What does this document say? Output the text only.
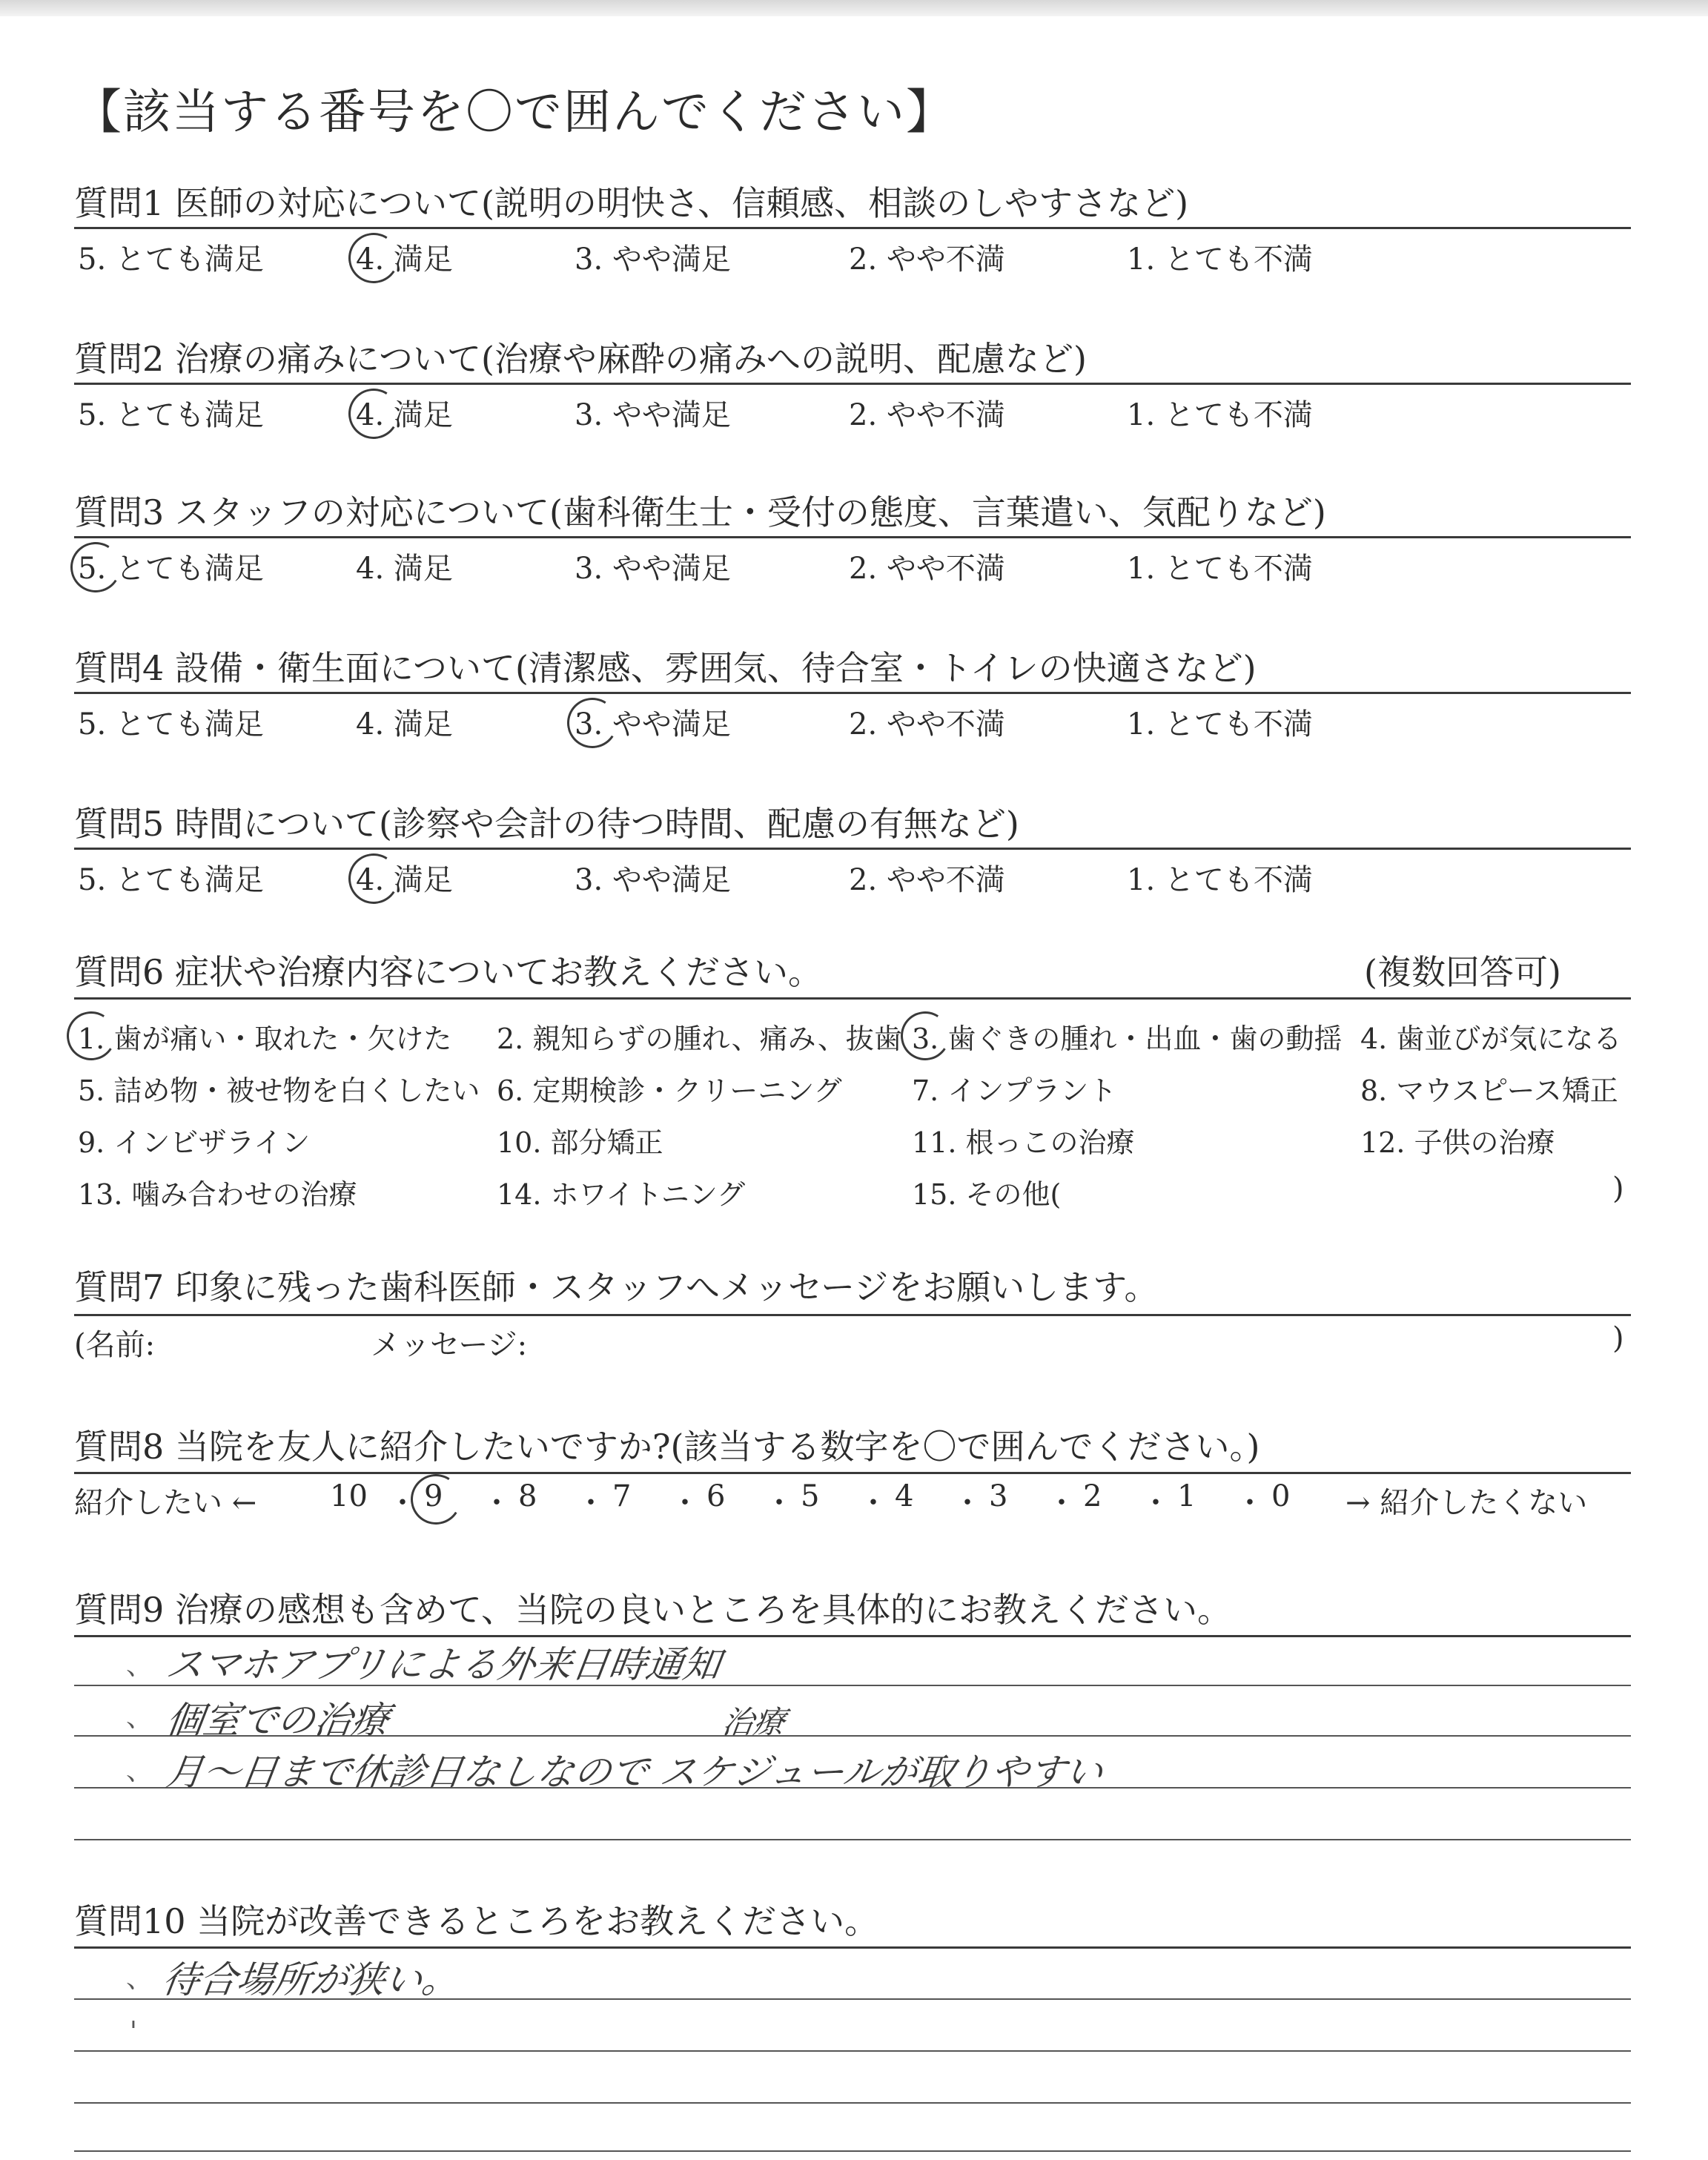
【該当する番号を〇で囲んでください】
質問1 医師の対応について(説明の明快さ、信頼感、相談のしやすさなど)
5. とても満足	4. 満足	3. やや満足	2. やや不満	1. とても不満
質問2 治療の痛みについて(治療や麻酔の痛みへの説明、配慮など)
5. とても満足	4. 満足	3. やや満足	2. やや不満	1. とても不満
質問3 スタッフの対応について(歯科衛生士・受付の態度、言葉遣い、気配りなど)
5. とても満足	4. 満足	3. やや満足	2. やや不満	1. とても不満
質問4 設備・衛生面について(清潔感、雰囲気、待合室・トイレの快適さなど)
5. とても満足	4. 満足	3. やや満足	2. やや不満	1. とても不満
質問5 時間について(診察や会計の待つ時間、配慮の有無など)
5. とても満足	4. 満足	3. やや満足	2. やや不満	1. とても不満
質問6 症状や治療内容についてお教えください。	(複数回答可)
1. 歯が痛い・取れた・欠けた 2. 親知らずの腫れ、痛み、抜歯 3. 歯ぐきの腫れ・出血・歯の動揺 4. 歯並びが気になる
5. 詰め物・被せ物を白くしたい 6. 定期検診・クリーニング 7. インプラント	8. マウスピース矯正
9. インビザライン	10. 部分矯正	11. 根っこの治療	12. 子供の治療
13. 噛み合わせの治療	14. ホワイトニング	15. その他(	)
質問7 印象に残った歯科医師・スタッフへメッセージをお願いします。
(名前:	メッセージ:	)
質問8 当院を友人に紹介したいですか?(該当する数字を〇で囲んでください。)
紹介したい ←	→ 紹介したくない
10 ・ 9 ・ 8 ・ 7 ・ 6 ・ 5 ・ 4 ・ 3 ・ 2 ・ 1 ・ 0
質問9 治療の感想も含めて、当院の良いところを具体的にお教えください。
、 スマホアプリによる外来日時通知
、 個室での治療	治療
、 月〜日まで休診日なしなので スケジュールが取りやすい
質問10 当院が改善できるところをお教えください。
、 待合場所が狭い。
'
